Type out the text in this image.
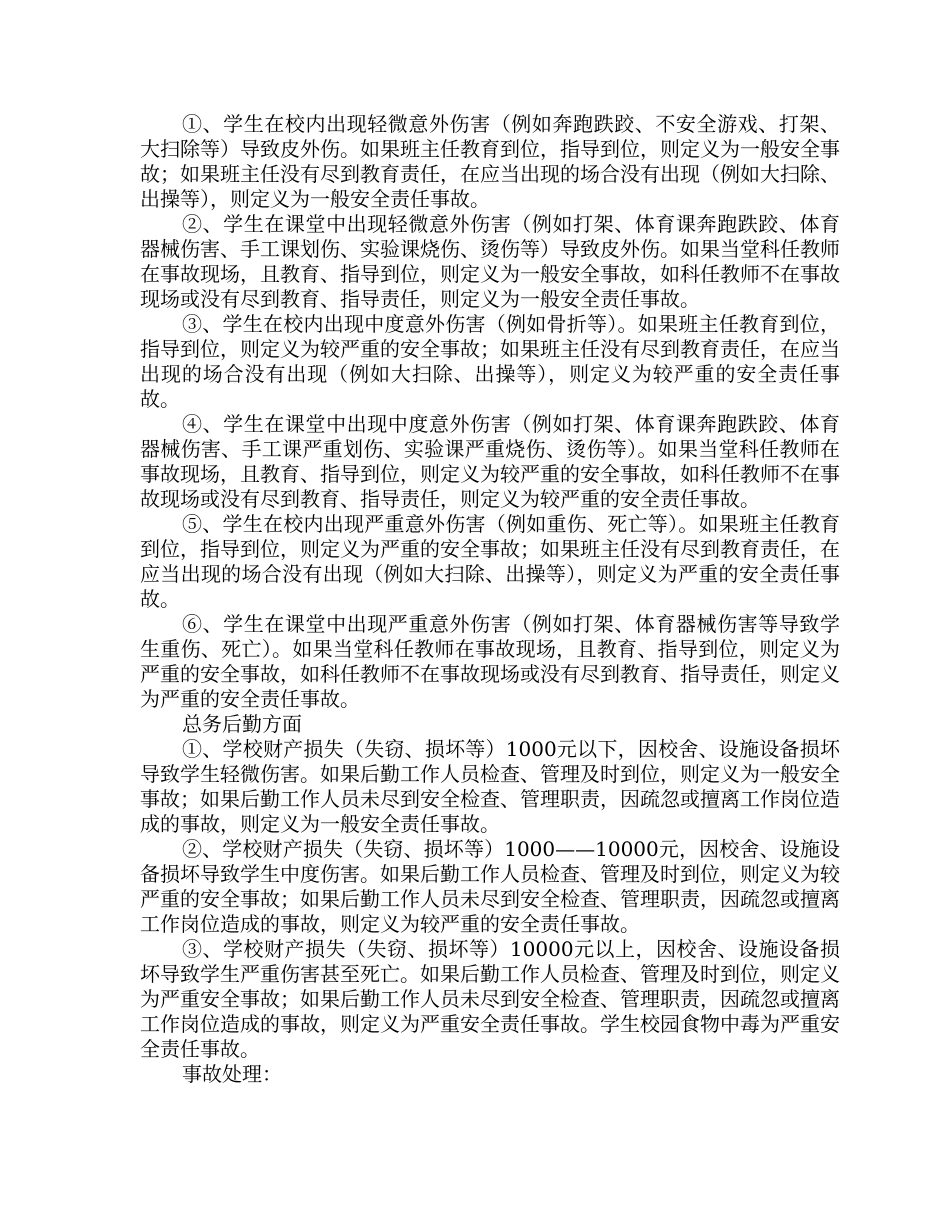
①、学生在校内出现轻微意外伤害（例如奔跑跌跤、不安全游戏、打架、大扫除等）导致皮外伤。如果班主任教育到位，指导到位，则定义为一般安全事故；如果班主任没有尽到教育责任，在应当出现的场合没有出现（例如大扫除、出操等），则定义为一般安全责任事故。

②、学生在课堂中出现轻微意外伤害（例如打架、体育课奔跑跌跤、体育器械伤害、手工课划伤、实验课烧伤、烫伤等）导致皮外伤。如果当堂科任教师在事故现场，且教育、指导到位，则定义为一般安全事故，如科任教师不在事故现场或没有尽到教育、指导责任，则定义为一般安全责任事故。

③、学生在校内出现中度意外伤害（例如骨折等）。如果班主任教育到位，指导到位，则定义为较严重的安全事故；如果班主任没有尽到教育责任，在应当出现的场合没有出现（例如大扫除、出操等），则定义为较严重的安全责任事故。

④、学生在课堂中出现中度意外伤害（例如打架、体育课奔跑跌跤、体育器械伤害、手工课严重划伤、实验课严重烧伤、烫伤等）。如果当堂科任教师在事故现场，且教育、指导到位，则定义为较严重的安全事故，如科任教师不在事故现场或没有尽到教育、指导责任，则定义为较严重的安全责任事故。

⑤、学生在校内出现严重意外伤害（例如重伤、死亡等）。如果班主任教育到位，指导到位，则定义为严重的安全事故；如果班主任没有尽到教育责任，在应当出现的场合没有出现（例如大扫除、出操等），则定义为严重的安全责任事故。

⑥、学生在课堂中出现严重意外伤害（例如打架、体育器械伤害等导致学生重伤、死亡）。如果当堂科任教师在事故现场，且教育、指导到位，则定义为严重的安全事故，如科任教师不在事故现场或没有尽到教育、指导责任，则定义为严重的安全责任事故。

总务后勤方面

①、学校财产损失（失窃、损坏等）1000元以下，因校舍、设施设备损坏导致学生轻微伤害。如果后勤工作人员检查、管理及时到位，则定义为一般安全事故；如果后勤工作人员未尽到安全检查、管理职责，因疏忽或擅离工作岗位造成的事故，则定义为一般安全责任事故。

②、学校财产损失（失窃、损坏等）1000——10000元，因校舍、设施设备损坏导致学生中度伤害。如果后勤工作人员检查、管理及时到位，则定义为较严重的安全事故；如果后勤工作人员未尽到安全检查、管理职责，因疏忽或擅离工作岗位造成的事故，则定义为较严重的安全责任事故。

③、学校财产损失（失窃、损坏等）10000元以上，因校舍、设施设备损坏导致学生严重伤害甚至死亡。如果后勤工作人员检查、管理及时到位，则定义为严重安全事故；如果后勤工作人员未尽到安全检查、管理职责，因疏忽或擅离工作岗位造成的事故，则定义为严重安全责任事故。学生校园食物中毒为严重安全责任事故。

事故处理：
